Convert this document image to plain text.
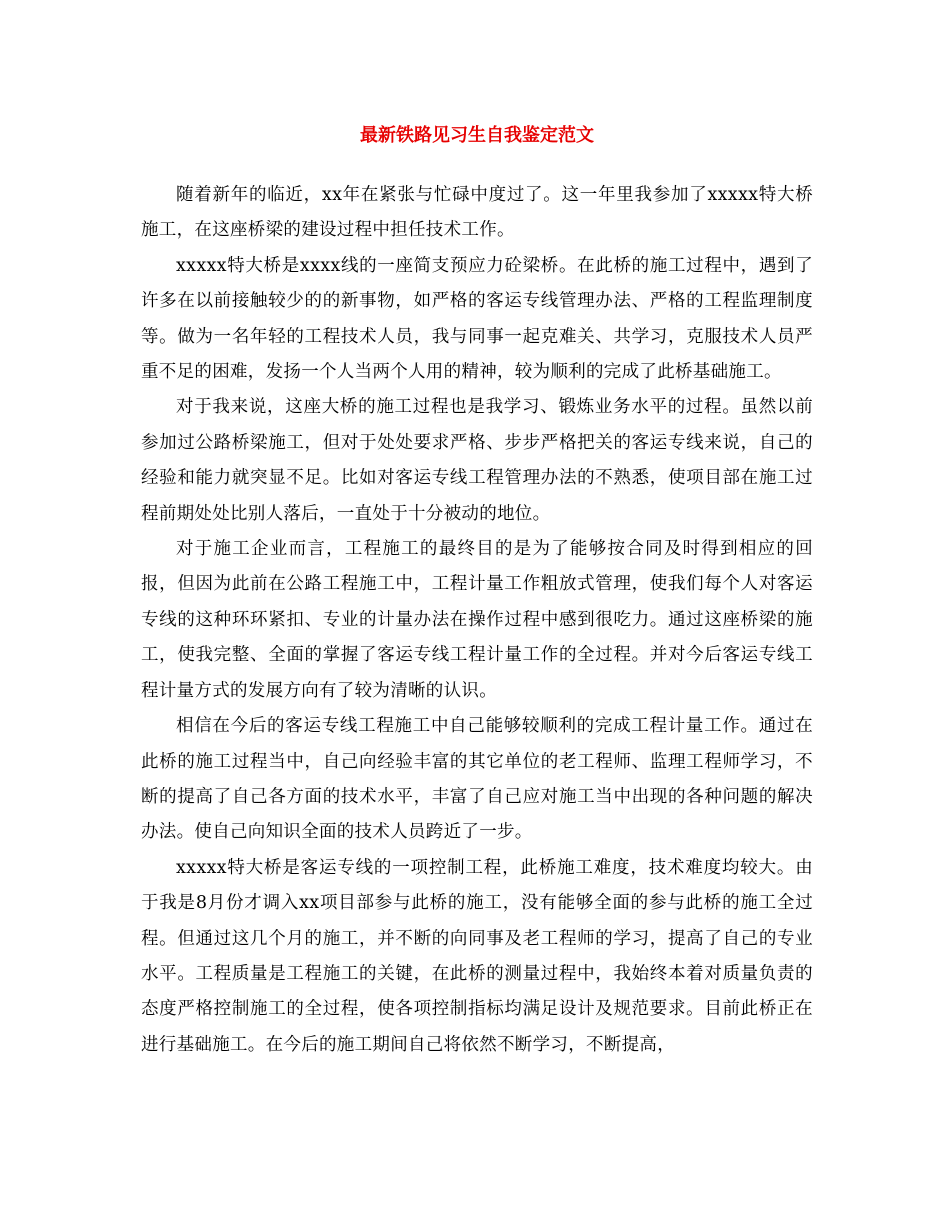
最新铁路见习生自我鉴定范文

随着新年的临近，xx年在紧张与忙碌中度过了。这一年里我参加了xxxxx特大桥施工，在这座桥梁的建设过程中担任技术工作。

xxxxx特大桥是xxxx线的一座简支预应力砼梁桥。在此桥的施工过程中，遇到了许多在以前接触较少的的新事物，如严格的客运专线管理办法、严格的工程监理制度等。做为一名年轻的工程技术人员，我与同事一起克难关、共学习，克服技术人员严重不足的困难，发扬一个人当两个人用的精神，较为顺利的完成了此桥基础施工。

对于我来说，这座大桥的施工过程也是我学习、锻炼业务水平的过程。虽然以前参加过公路桥梁施工，但对于处处要求严格、步步严格把关的客运专线来说，自己的经验和能力就突显不足。比如对客运专线工程管理办法的不熟悉，使项目部在施工过程前期处处比别人落后，一直处于十分被动的地位。

对于施工企业而言，工程施工的最终目的是为了能够按合同及时得到相应的回报，但因为此前在公路工程施工中，工程计量工作粗放式管理，使我们每个人对客运专线的这种环环紧扣、专业的计量办法在操作过程中感到很吃力。通过这座桥梁的施工，使我完整、全面的掌握了客运专线工程计量工作的全过程。并对今后客运专线工程计量方式的发展方向有了较为清晰的认识。

相信在今后的客运专线工程施工中自己能够较顺利的完成工程计量工作。通过在此桥的施工过程当中，自己向经验丰富的其它单位的老工程师、监理工程师学习，不断的提高了自己各方面的技术水平，丰富了自己应对施工当中出现的各种问题的解决办法。使自己向知识全面的技术人员跨近了一步。

xxxxx特大桥是客运专线的一项控制工程，此桥施工难度，技术难度均较大。由于我是8月份才调入xx项目部参与此桥的施工，没有能够全面的参与此桥的施工全过程。但通过这几个月的施工，并不断的向同事及老工程师的学习，提高了自己的专业水平。工程质量是工程施工的关键，在此桥的测量过程中，我始终本着对质量负责的态度严格控制施工的全过程，使各项控制指标均满足设计及规范要求。目前此桥正在进行基础施工。在今后的施工期间自己将依然不断学习，不断提高，
